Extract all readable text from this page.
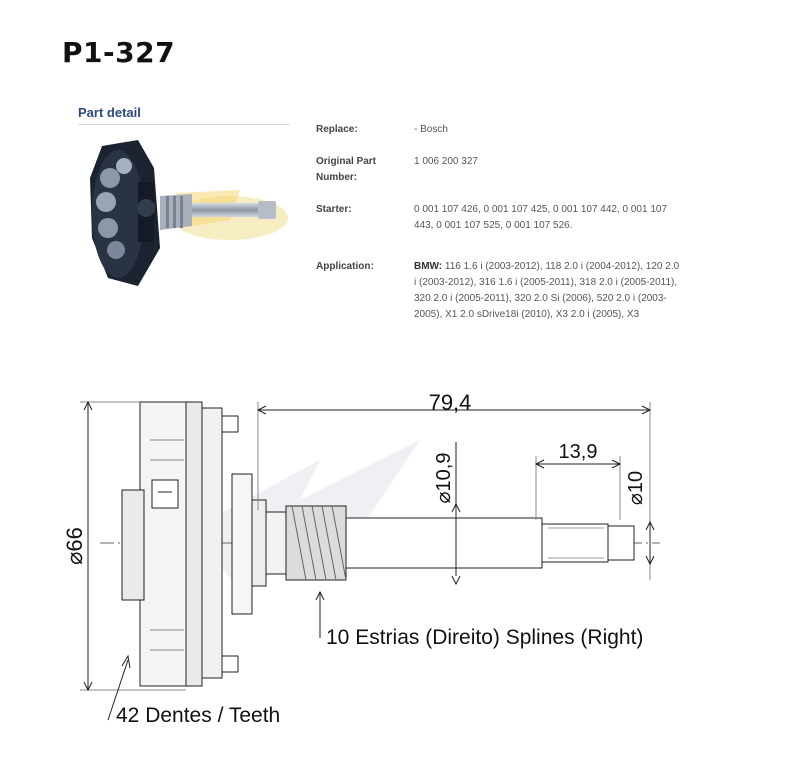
P1-327
Part detail
Replace:	- Bosch
Original Part Number:
1 006 200 327
Starter:	0 001 107 426, 0 001 107 425, 0 001 107 442, 0 001 107 443, 0 001 107 525, 0 001 107 526.
Application:	BMW: 116 1.6 i (2003-2012), 118 2.0 i (2004-2012), 120 2.0 i (2003-2012), 316 1.6 i (2005-2011), 318 2.0 i (2005-2011), 320 2.0 i (2005-2011), 320 2.0 Si (2006), 520 2.0 i (2003-2005), X1 2.0 sDrive18i (2010), X3 2.0 i (2005), X3
79,4
13,9
⌀10,9	⌀10
⌀66
10 Estrias (Direito) Splines (Right)
42 Dentes / Teeth
